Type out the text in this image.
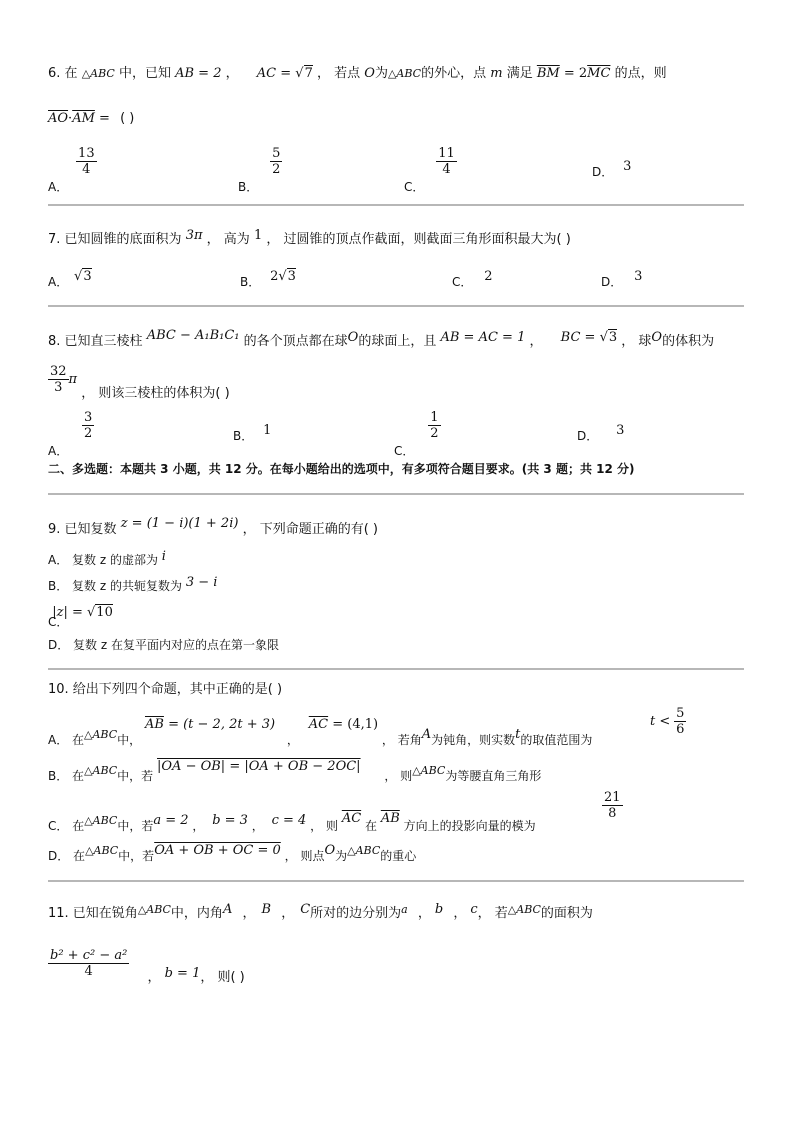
6. 在 △ABC 中，已知 AB = 2 ， AC = √7 ， 若点 O为△ABC的外心，点 m 满足 $\overline{BM} = 2\overline{MC}$ 的点，则
$\overline{AO}\cdot\overline{AM}$ = ( )
A．
$\frac{13}{4}$
B．
$\frac{5}{2}$
C．
$\frac{11}{4}$	D． 3
7. 已知圆锥的底面积为 3π ， 高为 1 ， 过圆锥的顶点作截面，则截面三角形面积最大为( )
A． √3	B． 2√3	C． 2	D． 3
8. 已知直三棱柱 ABC − A₁B₁C₁ 的各个顶点都在球O的球面上，且 AB = AC = 1 ， BC = √3 ， 球O的体积为
$\frac{32}{3}$ π ， 则该三棱柱的体积为( )
A．
$\frac{3}{2}$	B． 1
C．
$\frac{1}{2}$	D． 3
二、多选题：本题共 3 小题，共 12 分。在每小题给出的选项中，有多项符合题目要求。(共 3 题；共 12 分)
9. 已知复数 z = (1 − i)(1 + 2i) ， 下列命题正确的有( )
A． 复数 z 的虚部为 i
B． 复数 z 的共轭复数为 3 − i
C． |z| = √10
D． 复数 z 在复平面内对应的点在第一象限
10. 给出下列四个命题，其中正确的是( )
A． 在△ABC中， $\overline{AB} = (t - 2$, 2t + 3) ， $\overline{AC} = (4,1)$ ， 若角A为钝角，则实数t的取值范围为
$t < \frac{5}{6}$
B． 在△ABC中，若 |OA − OB| = |OA + OB − 2OC| ， 则△ABC为等腰直角三角形
C． 在△ABC中，若a = 2 ， b = 3 ， c = 4 ， 则 $\overline{AC}$ 在 $\overline{AB}$ 方向上的投影向量的模为
$\frac{21}{8}$
D． 在△ABC中，若OA + OB + OC = 0 ， 则点O为△ABC的重心
11. 已知在锐角$^{\triangle ABC}$中，内角A ， B ， C所对的边分别为$^a$ ， b ， c， 若$^{\triangle ABC}$的面积为
$\frac{\text{b² + c² − a²}}{4}$ ， b = 1， 则( )
